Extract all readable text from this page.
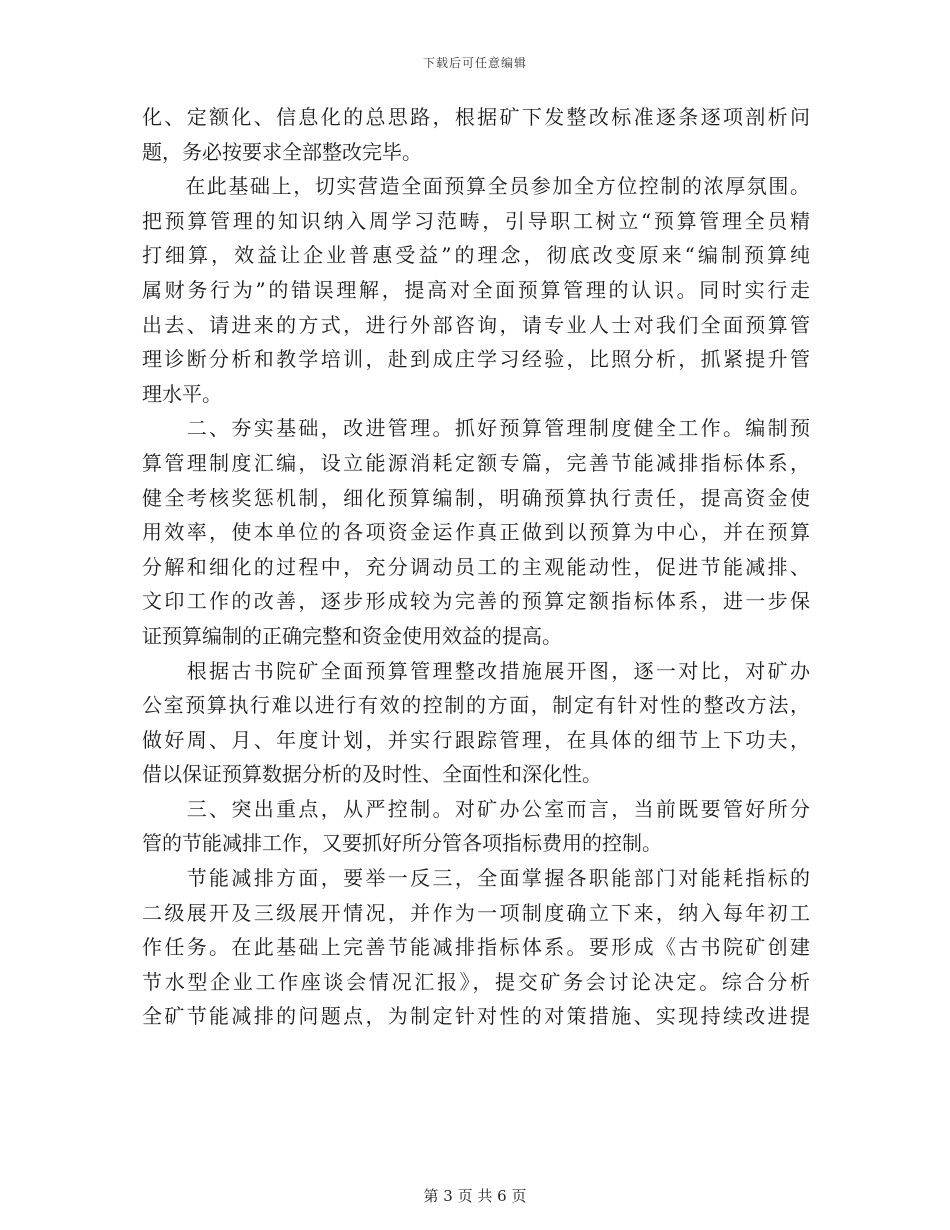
下载后可任意编辑
化、定额化、信息化的总思路，根据矿下发整改标准逐条逐项剖析问
题，务必按要求全部整改完毕。
　　在此基础上，切实营造全面预算全员参加全方位控制的浓厚氛围。
把预算管理的知识纳入周学习范畴，引导职工树立“预算管理全员精
打细算，效益让企业普惠受益”的理念，彻底改变原来“编制预算纯
属财务行为”的错误理解，提高对全面预算管理的认识。同时实行走
出去、请进来的方式，进行外部咨询，请专业人士对我们全面预算管
理诊断分析和教学培训，赴到成庄学习经验，比照分析，抓紧提升管
理水平。
　　二、夯实基础，改进管理。抓好预算管理制度健全工作。编制预
算管理制度汇编，设立能源消耗定额专篇，完善节能减排指标体系，
健全考核奖惩机制，细化预算编制，明确预算执行责任，提高资金使
用效率，使本单位的各项资金运作真正做到以预算为中心，并在预算
分解和细化的过程中，充分调动员工的主观能动性，促进节能减排、
文印工作的改善，逐步形成较为完善的预算定额指标体系，进一步保
证预算编制的正确完整和资金使用效益的提高。
　　根据古书院矿全面预算管理整改措施展开图，逐一对比，对矿办
公室预算执行难以进行有效的控制的方面，制定有针对性的整改方法，
做好周、月、年度计划，并实行跟踪管理，在具体的细节上下功夫，
借以保证预算数据分析的及时性、全面性和深化性。
　　三、突出重点，从严控制。对矿办公室而言，当前既要管好所分
管的节能减排工作，又要抓好所分管各项指标费用的控制。
　　节能减排方面，要举一反三，全面掌握各职能部门对能耗指标的
二级展开及三级展开情况，并作为一项制度确立下来，纳入每年初工
作任务。在此基础上完善节能减排指标体系。要形成《古书院矿创建
节水型企业工作座谈会情况汇报》，提交矿务会讨论决定。综合分析
全矿节能减排的问题点，为制定针对性的对策措施、实现持续改进提
第 3 页 共 6 页
